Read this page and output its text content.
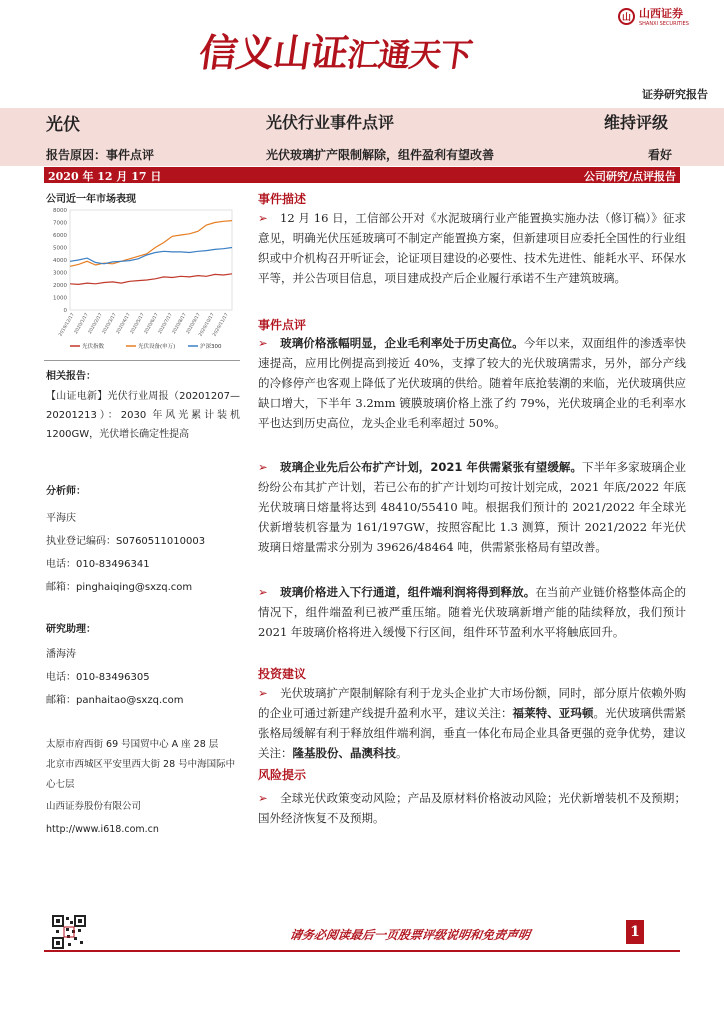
信义山证汇通天下
山 山西证券
SHANXI SECURITIES
证券研究报告
光伏	光伏行业事件点评	维持评级
报告原因：事件点评	光伏玻璃扩产限制解除，组件盈利有望改善	看好
2020 年 12 月 17 日	公司研究/点评报告
公司近一年市场表现
0
1000
2000
3000
4000
5000
6000
7000
8000
2019/12/17
2020/1/17
2020/2/17
2020/3/17
2020/4/17
2020/5/17
2020/6/17
2020/7/17
2020/8/17
2020/9/17
2020/10/17
2020/11/17
光伏指数	光伏设备(申万)	沪深300
相关报告：
【山证电新】光伏行业周报（20201207—20201213）：2030 年风光累计装机 1200GW，光伏增长确定性提高
分析师：
平海庆
执业登记编码：S0760511010003
电话：010-83496341
邮箱：pinghaiqing@sxzq.com
研究助理：
潘海涛
电话：010-83496305
邮箱：panhaitao@sxzq.com
太原市府西街 69 号国贸中心 A 座 28 层
北京市西城区平安里西大街 28 号中海国际中心七层
山西证券股份有限公司
http://www.i618.com.cn
事件描述
➢ 12 月 16 日，工信部公开对《水泥玻璃行业产能置换实施办法（修订稿）》征求意见，明确光伏压延玻璃可不制定产能置换方案，但新建项目应委托全国性的行业组织或中介机构召开听证会，论证项目建设的必要性、技术先进性、能耗水平、环保水平等，并公告项目信息，项目建成投产后企业履行承诺不生产建筑玻璃。
事件点评
➢ 玻璃价格涨幅明显，企业毛利率处于历史高位。今年以来，双面组件的渗透率快速提高，应用比例提高到接近 40%，支撑了较大的光伏玻璃需求，另外，部分产线的冷修停产也客观上降低了光伏玻璃的供给。随着年底抢装潮的来临，光伏玻璃供应缺口增大，下半年 3.2mm 镀膜玻璃价格上涨了约 79%，光伏玻璃企业的毛利率水平也达到历史高位，龙头企业毛利率超过 50%。
➢ 玻璃企业先后公布扩产计划，2021 年供需紧张有望缓解。下半年多家玻璃企业纷纷公布其扩产计划，若已公布的扩产计划均可按计划完成，2021 年底/2022 年底光伏玻璃日熔量将达到 48410/55410 吨。根据我们预计的 2021/2022 年全球光伏新增装机容量为 161/197GW，按照容配比 1.3 测算，预计 2021/2022 年光伏玻璃日熔量需求分别为 39626/48464 吨，供需紧张格局有望改善。
➢ 玻璃价格进入下行通道，组件端利润将得到释放。在当前产业链价格整体高企的情况下，组件端盈利已被严重压缩。随着光伏玻璃新增产能的陆续释放，我们预计 2021 年玻璃价格将进入缓慢下行区间，组件环节盈利水平将触底回升。
投资建议
➢ 光伏玻璃扩产限制解除有利于龙头企业扩大市场份额，同时，部分原片依赖外购的企业可通过新建产线提升盈利水平，建议关注：福莱特、亚玛顿。光伏玻璃供需紧张格局缓解有利于释放组件端利润，垂直一体化布局企业具备更强的竞争优势，建议关注：隆基股份、晶澳科技。
风险提示
➢ 全球光伏政策变动风险；产品及原材料价格波动风险；光伏新增装机不及预期；国外经济恢复不及预期。
请务必阅读最后一页股票评级说明和免责声明	1
